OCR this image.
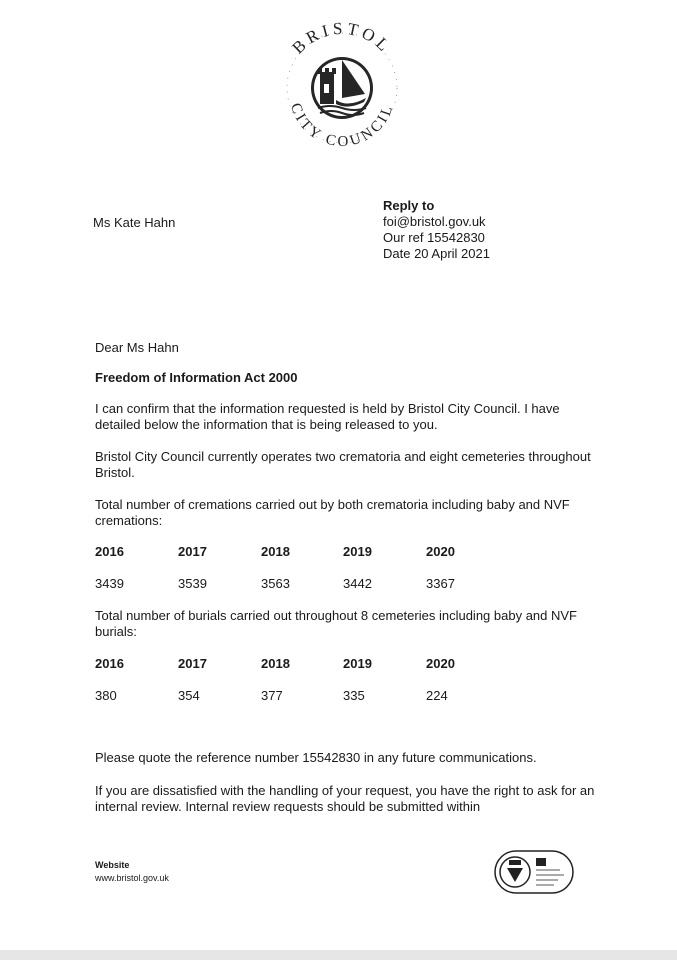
BRISTOL
CITY COUNCIL
Ms Kate Hahn
Reply to
foi@bristol.gov.uk
Our ref 15542830
Date 20 April 2021
Dear Ms Hahn
Freedom of Information Act 2000
I can confirm that the information requested is held by Bristol City Council. I have detailed below the information that is being released to you.
Bristol City Council currently operates two crematoria and eight cemeteries throughout Bristol.
Total number of cremations carried out by both crematoria including baby and NVF cremations:
2016	2017	2018	2019	2020
3439	3539	3563	3442	3367
Total number of burials carried out throughout 8 cemeteries including baby and NVF burials:
2016	2017	2018	2019	2020
380	354	377	335	224
Please quote the reference number 15542830 in any future communications.
If you are dissatisfied with the handling of your request, you have the right to ask for an internal review. Internal review requests should be submitted within
Website
www.bristol.gov.uk
